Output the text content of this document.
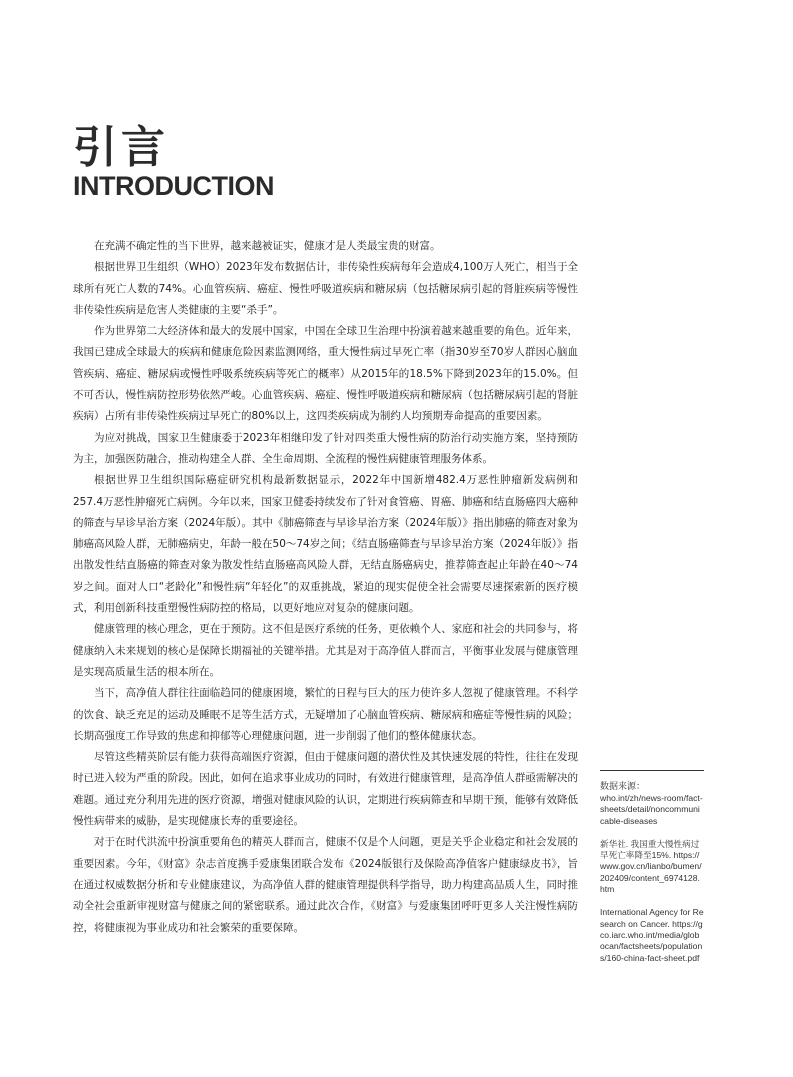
引言
INTRODUCTION

在充满不确定性的当下世界，越来越被证实，健康才是人类最宝贵的财富。

根据世界卫生组织（WHO）2023年发布数据估计，非传染性疾病每年会造成4,100万人死亡，相当于全球所有死亡人数的74%。心血管疾病、癌症、慢性呼吸道疾病和糖尿病（包括糖尿病引起的肾脏疾病等慢性非传染性疾病是危害人类健康的主要“杀手”。

作为世界第二大经济体和最大的发展中国家，中国在全球卫生治理中扮演着越来越重要的角色。近年来，我国已建成全球最大的疾病和健康危险因素监测网络，重大慢性病过早死亡率（指30岁至70岁人群因心脑血管疾病、癌症、糖尿病或慢性呼吸系统疾病等死亡的概率）从2015年的18.5%下降到2023年的15.0%。但不可否认，慢性病防控形势依然严峻。心血管疾病、癌症、慢性呼吸道疾病和糖尿病（包括糖尿病引起的肾脏疾病）占所有非传染性疾病过早死亡的80%以上，这四类疾病成为制约人均预期寿命提高的重要因素。

为应对挑战，国家卫生健康委于2023年相继印发了针对四类重大慢性病的防治行动实施方案，坚持预防为主，加强医防融合，推动构建全人群、全生命周期、全流程的慢性病健康管理服务体系。

根据世界卫生组织国际癌症研究机构最新数据显示，2022年中国新增482.4万恶性肿瘤新发病例和257.4万恶性肿瘤死亡病例。今年以来，国家卫健委持续发布了针对食管癌、胃癌、肺癌和结直肠癌四大癌种的筛查与早诊早治方案（2024年版）。其中《肺癌筛查与早诊早治方案（2024年版）》指出肺癌的筛查对象为肺癌高风险人群，无肺癌病史，年龄一般在50～74岁之间；《结直肠癌筛查与早诊早治方案（2024年版）》指出散发性结直肠癌的筛查对象为散发性结直肠癌高风险人群，无结直肠癌病史，推荐筛查起止年龄在40～74岁之间。面对人口“老龄化”和慢性病“年轻化”的双重挑战，紧迫的现实促使全社会需要尽速探索新的医疗模式，利用创新科技重塑慢性病防控的格局，以更好地应对复杂的健康问题。

健康管理的核心理念，更在于预防。这不但是医疗系统的任务，更依赖个人、家庭和社会的共同参与，将健康纳入未来规划的核心是保障长期福祉的关键举措。尤其是对于高净值人群而言，平衡事业发展与健康管理是实现高质量生活的根本所在。

当下，高净值人群往往面临趋同的健康困境，繁忙的日程与巨大的压力使许多人忽视了健康管理。不科学的饮食、缺乏充足的运动及睡眠不足等生活方式，无疑增加了心脑血管疾病、糖尿病和癌症等慢性病的风险；长期高强度工作导致的焦虑和抑郁等心理健康问题，进一步削弱了他们的整体健康状态。

尽管这些精英阶层有能力获得高端医疗资源，但由于健康问题的潜伏性及其快速发展的特性，往往在发现时已进入较为严重的阶段。因此，如何在追求事业成功的同时，有效进行健康管理，是高净值人群亟需解决的难题。通过充分利用先进的医疗资源，增强对健康风险的认识，定期进行疾病筛查和早期干预，能够有效降低慢性病带来的威胁，是实现健康长寿的重要途径。

对于在时代洪流中扮演重要角色的精英人群而言，健康不仅是个人问题，更是关乎企业稳定和社会发展的重要因素。今年，《财富》杂志首度携手爱康集团联合发布《2024版银行及保险高净值客户健康绿皮书》，旨在通过权威数据分析和专业健康建议，为高净值人群的健康管理提供科学指导，助力构建高品质人生，同时推动全社会重新审视财富与健康之间的紧密联系。通过此次合作，《财富》与爱康集团呼吁更多人关注慢性病防控，将健康视为事业成功和社会繁荣的重要保障。

数据来源：

who.int/zh/news-room/fact-sheets/detail/noncommunicable-diseases

新华社. 我国重大慢性病过早死亡率降至15%. https://www.gov.cn/lianbo/bumen/202409/content_6974128.htm

International Agency for Research on Cancer. https://gco.iarc.who.int/media/globocan/factsheets/populations/160-china-fact-sheet.pdf
